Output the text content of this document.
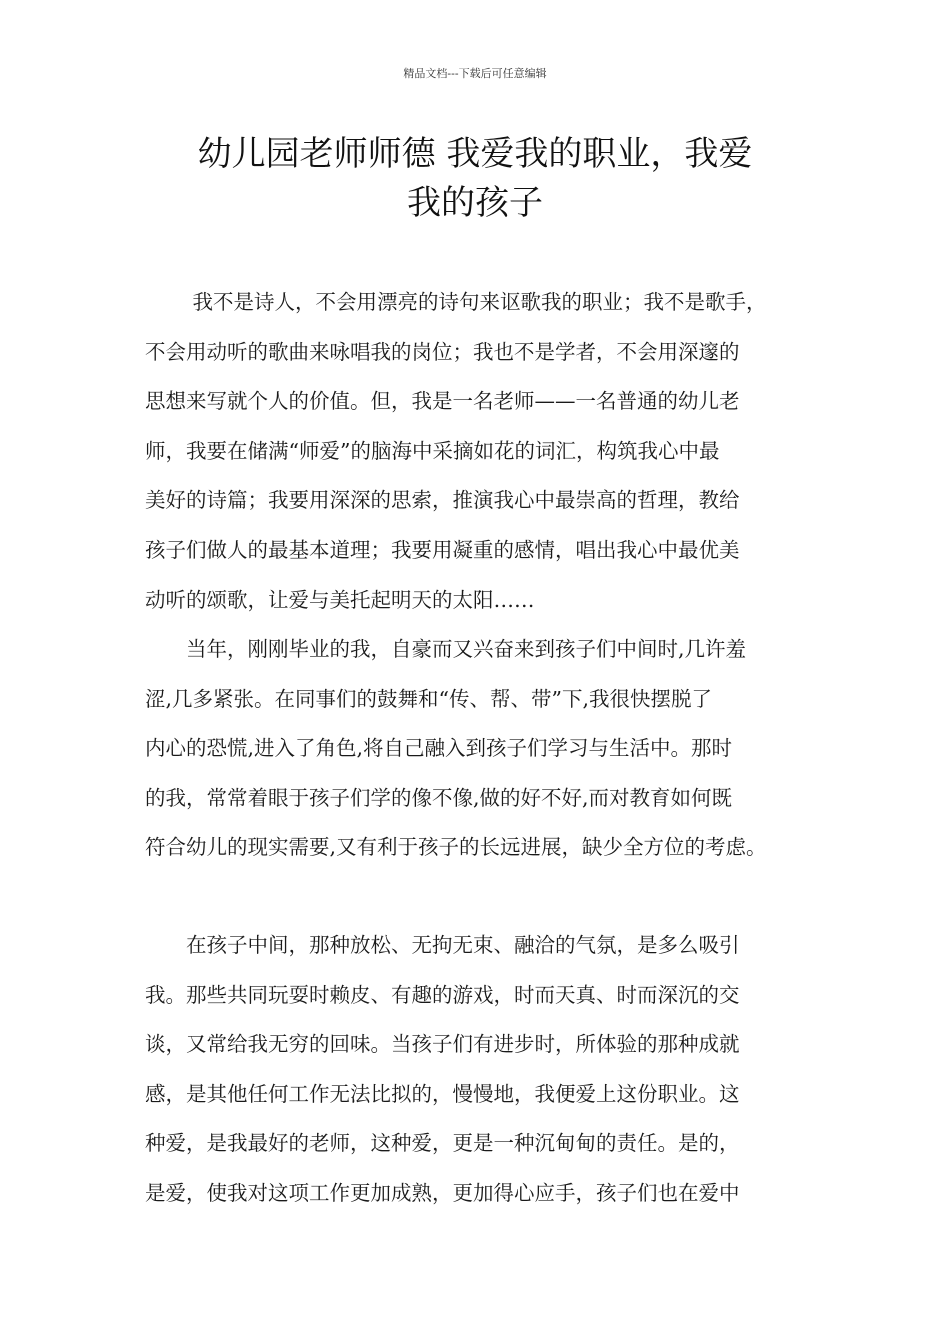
精品文档---下载后可任意编辑
幼儿园老师师德 我爱我的职业，我爱
我的孩子

　　 我不是诗人，不会用漂亮的诗句来讴歌我的职业；我不是歌手，
不会用动听的歌曲来咏唱我的岗位；我也不是学者，不会用深邃的
思想来写就个人的价值。但，我是一名老师——一名普通的幼儿老
师，我要在储满“师爱”的脑海中采摘如花的词汇，构筑我心中最
美好的诗篇；我要用深深的思索，推演我心中最崇高的哲理，教给
孩子们做人的最基本道理；我要用凝重的感情，唱出我心中最优美
动听的颂歌，让爱与美托起明天的太阳……

　　当年，刚刚毕业的我，自豪而又兴奋来到孩子们中间时,几许羞
涩,几多紧张。在同事们的鼓舞和“传、帮、带”下,我很快摆脱了
内心的恐慌,进入了角色,将自己融入到孩子们学习与生活中。那时
的我，常常着眼于孩子们学的像不像,做的好不好,而对教育如何既
符合幼儿的现实需要,又有利于孩子的长远进展，缺少全方位的考虑。

　　在孩子中间，那种放松、无拘无束、融洽的气氛，是多么吸引
我。那些共同玩耍时赖皮、有趣的游戏，时而天真、时而深沉的交
谈，又常给我无穷的回味。当孩子们有进步时，所体验的那种成就
感，是其他任何工作无法比拟的，慢慢地，我便爱上这份职业。这
种爱，是我最好的老师，这种爱，更是一种沉甸甸的责任。是的，
是爱，使我对这项工作更加成熟，更加得心应手，孩子们也在爱中
